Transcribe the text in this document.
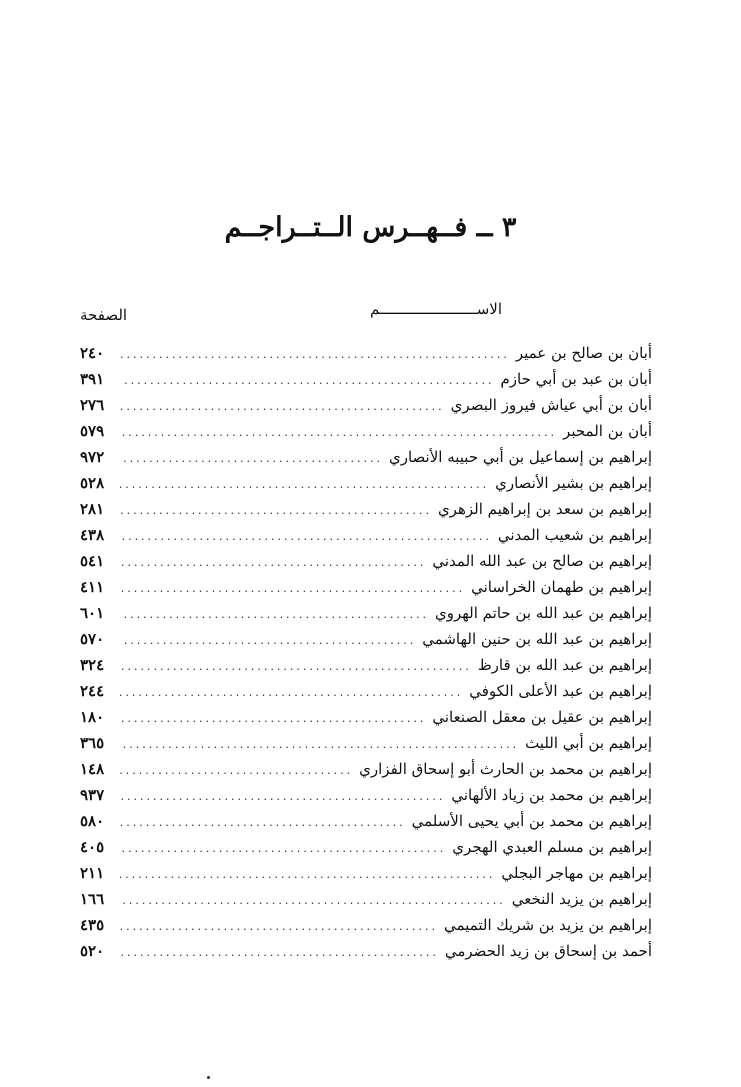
٣ ــ فــهــرس الــتــراجــم
الاســــــــــــــــــــــم
الصفحة
أبان بن صالح بن عمير
.....
٢٤٠
أبان بن عبد بن أبي حازم
.....
٣٩١
أبان بن أبي عياش فيروز البصري
.....
٢٧٦
أبان بن المحبر
.....
٥٧٩
إبراهيم بن إسماعيل بن أبي حبيبه الأنصاري
.....
٩٧٢
إبراهيم بن بشير الأنصاري
.....
٥٢٨
إبراهيم بن سعد بن إبراهيم الزهري
.....
٢٨١
إبراهيم بن شعيب المدني
.....
٤٣٨
إبراهيم بن صالح بن عبد الله المدني
.....
٥٤١
إبراهيم بن طهمان الخراساني
.....
٤١١
إبراهيم بن عبد الله بن حاتم الهروي
.....
٦٠١
إبراهيم بن عبد الله بن حنين الهاشمي
.....
٥٧٠
إبراهيم بن عبد الله بن قارظ
.....
٣٢٤
إبراهيم بن عبد الأعلى الكوفي
.....
٢٤٤
إبراهيم بن عقيل بن معقل الصنعاني
.....
١٨٠
إبراهيم بن أبي الليث
.....
٣٦٥
إبراهيم بن محمد بن الحارث أبو إسحاق الفزاري
.....
١٤٨
إبراهيم بن محمد بن زياد الألهاني
.....
٩٣٧
إبراهيم بن محمد بن أبي يحيى الأسلمي
.....
٥٨٠
إبراهيم بن مسلم العبدي الهجري
.....
٤٠٥
إبراهيم بن مهاجر البجلي
.....
٢١١
إبراهيم بن يزيد النخعي
.....
١٦٦
إبراهيم بن يزيد بن شريك التميمي
.....
٤٣٥
أحمد بن إسحاق بن زيد الحضرمي
.....
٥٢٠
